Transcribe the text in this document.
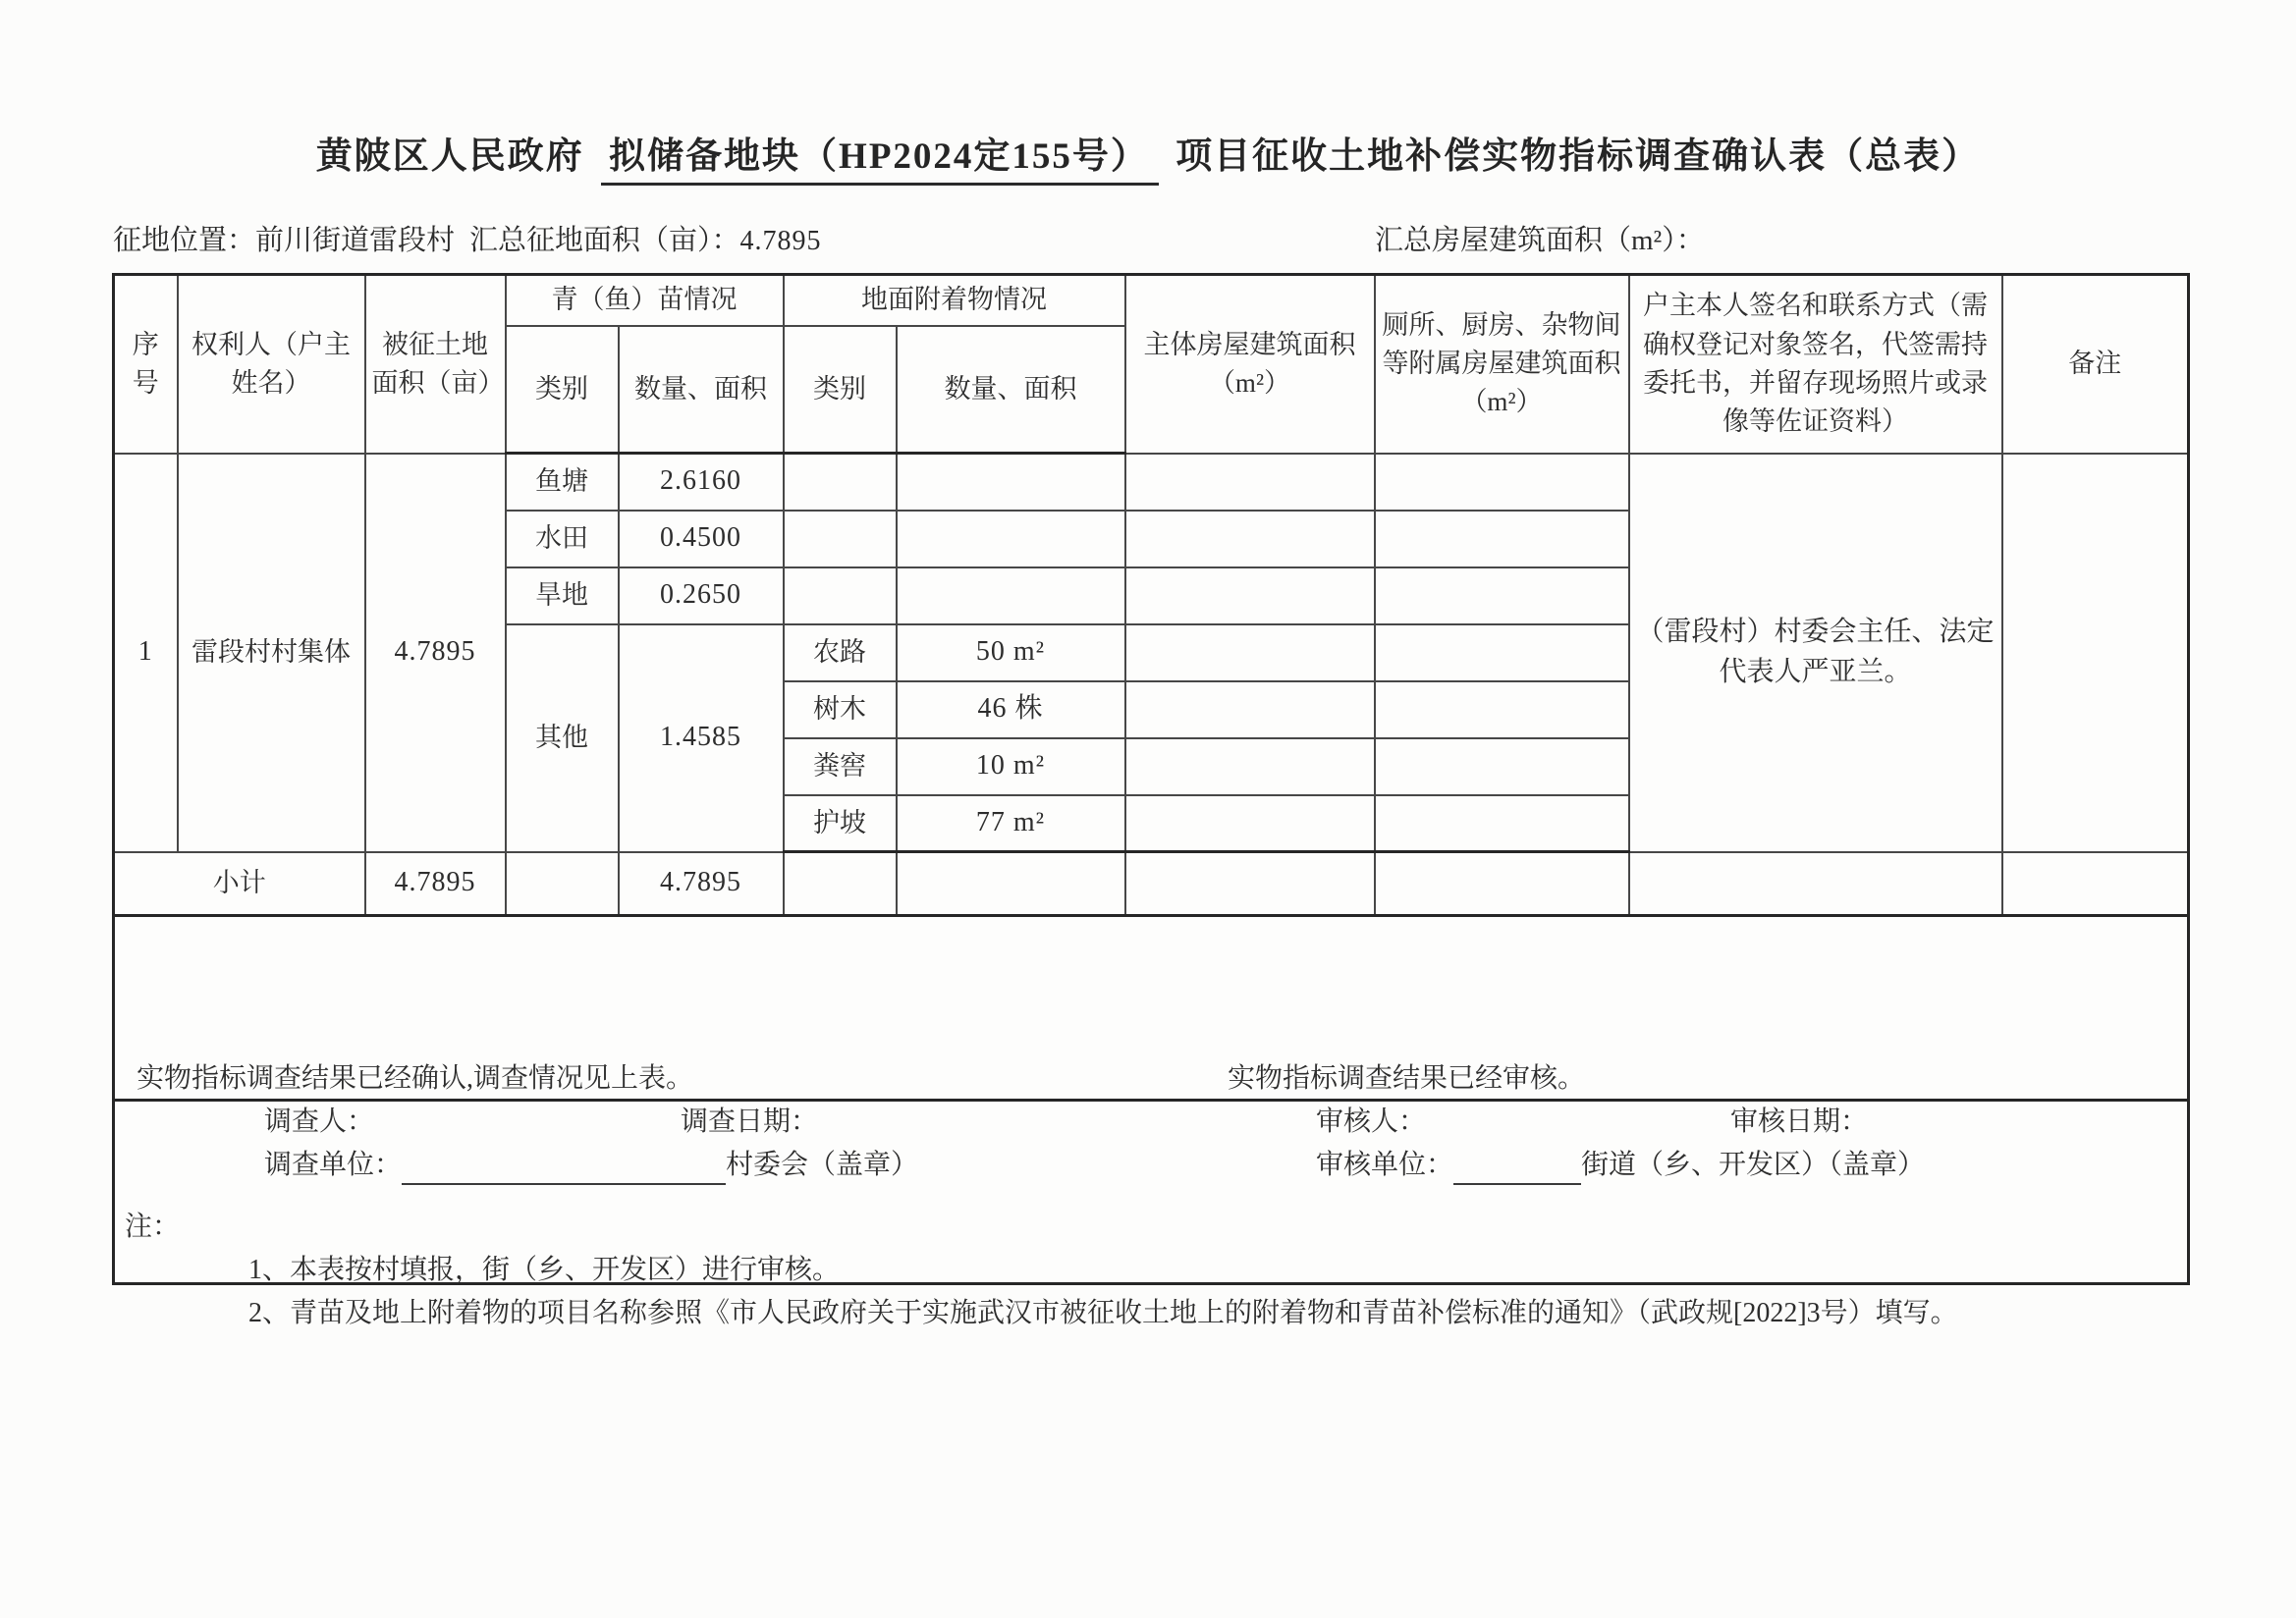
黄陂区人民政府 拟储备地块（HP2024定155号） 项目征收土地补偿实物指标调查确认表（总表）
征地位置：前川街道雷段村 汇总征地面积（亩）：4.7895	汇总房屋建筑面积（m²）：
序号	权利人（户主姓名）	被征土地面积（亩）	青（鱼）苗情况		地面附着物情况		主体房屋建筑面积（m²）	厕所、厨房、杂物间等附属房屋建筑面积（m²）	户主本人签名和联系方式（需确权登记对象签名，代签需持委托书，并留存现场照片或录像等佐证资料）	备注
			类别	数量、面积	类别	数量、面积				
1	雷段村村集体	4.7895	鱼塘	2.6160					（雷段村）村委会主任、法定代表人严亚兰。	
			水田	0.4500						
			旱地	0.2650						
			其他	1.4585	农路	50 m²				
					树木	46 株				
					粪窖	10 m²				
					护坡	77 m²				
小计		4.7895		4.7895						

实物指标调查结果已经确认,调查情况见上表。
调查人：	调查日期：
调查单位：	村委会（盖章）
实物指标调查结果已经审核。
审核人：	审核日期：
审核单位：	街道（乡、开发区）（盖章）

注：
1、本表按村填报，街（乡、开发区）进行审核。
2、青苗及地上附着物的项目名称参照《市人民政府关于实施武汉市被征收土地上的附着物和青苗补偿标准的通知》（武政规[2022]3号）填写。										
